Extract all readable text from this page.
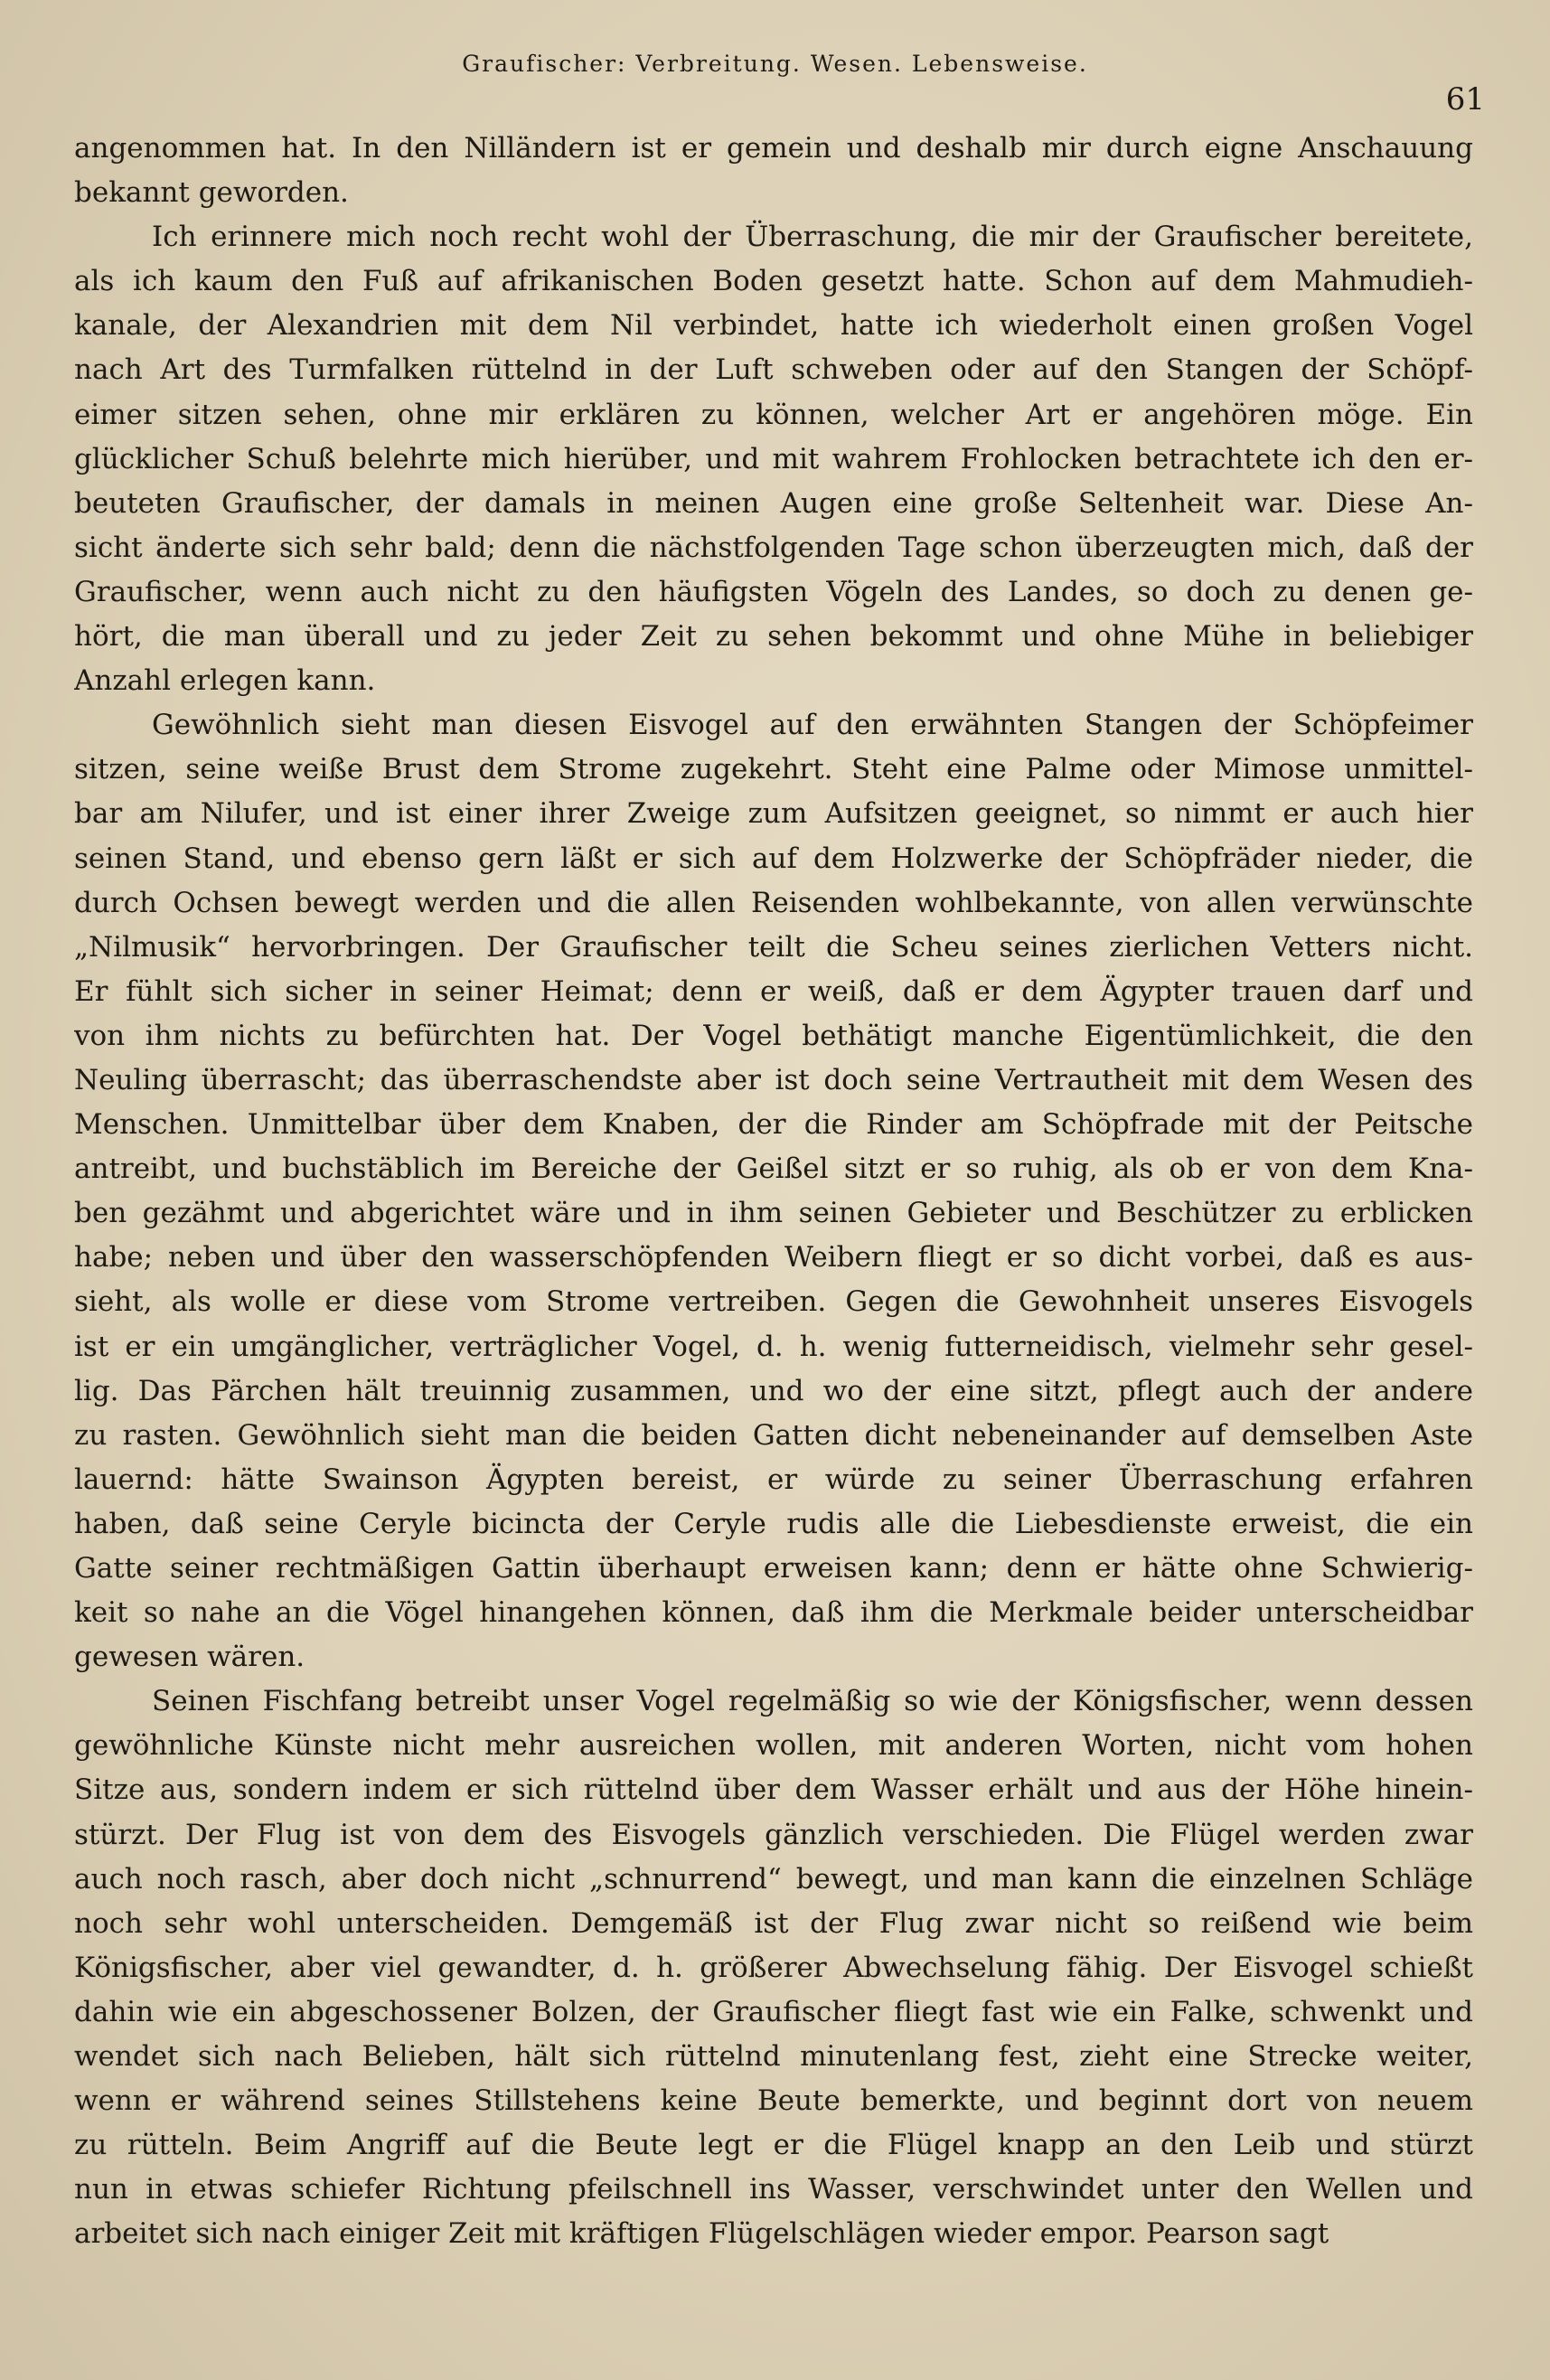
Graufischer: Verbreitung. Wesen. Lebensweise.
61
angenommen hat. In den Nilländern ist er gemein und deshalb mir durch eigne Anschauung
bekannt geworden.
Ich erinnere mich noch recht wohl der Überraschung, die mir der Graufischer bereitete,
als ich kaum den Fuß auf afrikanischen Boden gesetzt hatte. Schon auf dem Mahmudieh-
kanale, der Alexandrien mit dem Nil verbindet, hatte ich wiederholt einen großen Vogel
nach Art des Turmfalken rüttelnd in der Luft schweben oder auf den Stangen der Schöpf-
eimer sitzen sehen, ohne mir erklären zu können, welcher Art er angehören möge. Ein
glücklicher Schuß belehrte mich hierüber, und mit wahrem Frohlocken betrachtete ich den er-
beuteten Graufischer, der damals in meinen Augen eine große Seltenheit war. Diese An-
sicht änderte sich sehr bald; denn die nächstfolgenden Tage schon überzeugten mich, daß der
Graufischer, wenn auch nicht zu den häufigsten Vögeln des Landes, so doch zu denen ge-
hört, die man überall und zu jeder Zeit zu sehen bekommt und ohne Mühe in beliebiger
Anzahl erlegen kann.
Gewöhnlich sieht man diesen Eisvogel auf den erwähnten Stangen der Schöpfeimer
sitzen, seine weiße Brust dem Strome zugekehrt. Steht eine Palme oder Mimose unmittel-
bar am Nilufer, und ist einer ihrer Zweige zum Aufsitzen geeignet, so nimmt er auch hier
seinen Stand, und ebenso gern läßt er sich auf dem Holzwerke der Schöpfräder nieder, die
durch Ochsen bewegt werden und die allen Reisenden wohlbekannte, von allen verwünschte
„Nilmusik“ hervorbringen. Der Graufischer teilt die Scheu seines zierlichen Vetters nicht.
Er fühlt sich sicher in seiner Heimat; denn er weiß, daß er dem Ägypter trauen darf und
von ihm nichts zu befürchten hat. Der Vogel bethätigt manche Eigentümlichkeit, die den
Neuling überrascht; das überraschendste aber ist doch seine Vertrautheit mit dem Wesen des
Menschen. Unmittelbar über dem Knaben, der die Rinder am Schöpfrade mit der Peitsche
antreibt, und buchstäblich im Bereiche der Geißel sitzt er so ruhig, als ob er von dem Kna-
ben gezähmt und abgerichtet wäre und in ihm seinen Gebieter und Beschützer zu erblicken
habe; neben und über den wasserschöpfenden Weibern fliegt er so dicht vorbei, daß es aus-
sieht, als wolle er diese vom Strome vertreiben. Gegen die Gewohnheit unseres Eisvogels
ist er ein umgänglicher, verträglicher Vogel, d. h. wenig futterneidisch, vielmehr sehr gesel-
lig. Das Pärchen hält treuinnig zusammen, und wo der eine sitzt, pflegt auch der andere
zu rasten. Gewöhnlich sieht man die beiden Gatten dicht nebeneinander auf demselben Aste
lauernd: hätte Swainson Ägypten bereist, er würde zu seiner Überraschung erfahren
haben, daß seine Ceryle bicincta der Ceryle rudis alle die Liebesdienste erweist, die ein
Gatte seiner rechtmäßigen Gattin überhaupt erweisen kann; denn er hätte ohne Schwierig-
keit so nahe an die Vögel hinangehen können, daß ihm die Merkmale beider unterscheidbar
gewesen wären.
Seinen Fischfang betreibt unser Vogel regelmäßig so wie der Königsfischer, wenn dessen
gewöhnliche Künste nicht mehr ausreichen wollen, mit anderen Worten, nicht vom hohen
Sitze aus, sondern indem er sich rüttelnd über dem Wasser erhält und aus der Höhe hinein-
stürzt. Der Flug ist von dem des Eisvogels gänzlich verschieden. Die Flügel werden zwar
auch noch rasch, aber doch nicht „schnurrend“ bewegt, und man kann die einzelnen Schläge
noch sehr wohl unterscheiden. Demgemäß ist der Flug zwar nicht so reißend wie beim
Königsfischer, aber viel gewandter, d. h. größerer Abwechselung fähig. Der Eisvogel schießt
dahin wie ein abgeschossener Bolzen, der Graufischer fliegt fast wie ein Falke, schwenkt und
wendet sich nach Belieben, hält sich rüttelnd minutenlang fest, zieht eine Strecke weiter,
wenn er während seines Stillstehens keine Beute bemerkte, und beginnt dort von neuem
zu rütteln. Beim Angriff auf die Beute legt er die Flügel knapp an den Leib und stürzt
nun in etwas schiefer Richtung pfeilschnell ins Wasser, verschwindet unter den Wellen und
arbeitet sich nach einiger Zeit mit kräftigen Flügelschlägen wieder empor. Pearson sagt
